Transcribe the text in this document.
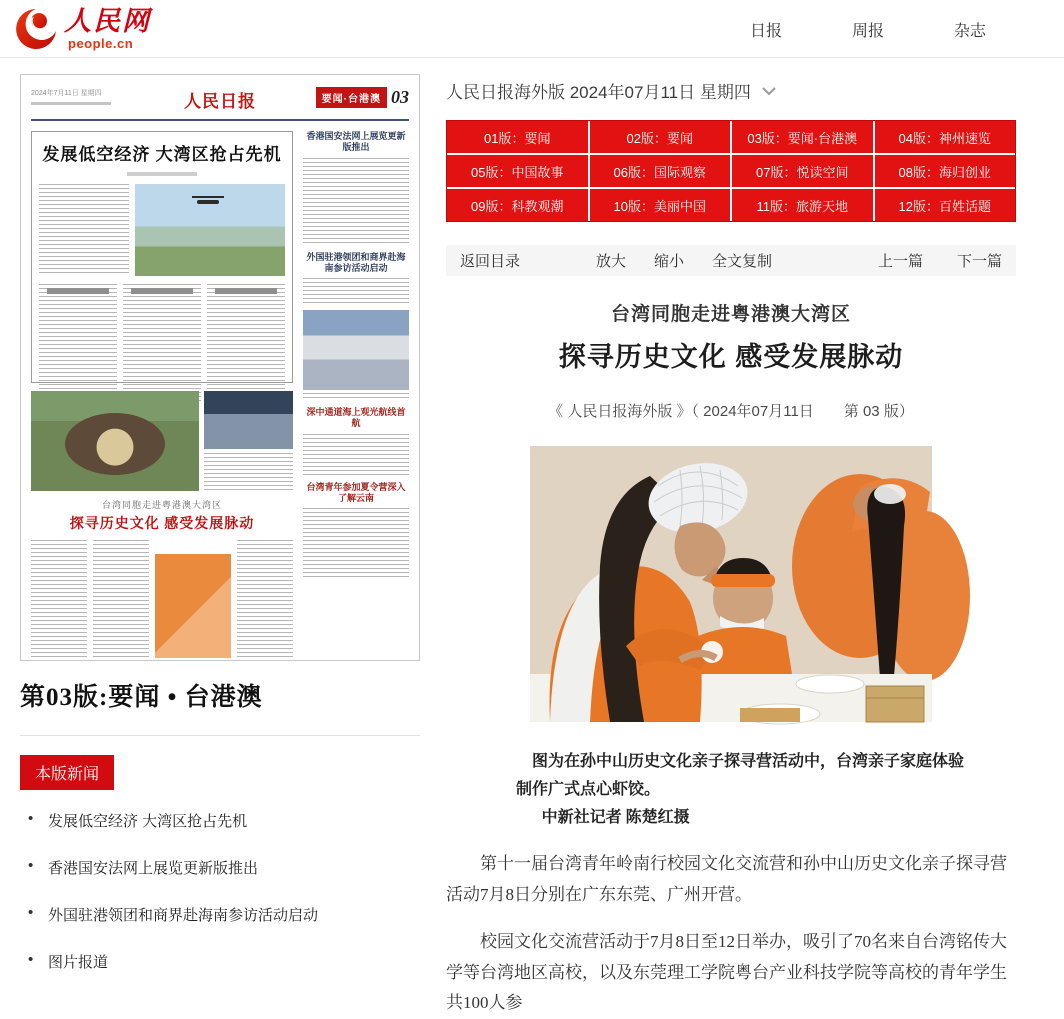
人民网
people.cn
日报	周报	杂志
2024年7月11日 星期四	人民日报	要闻·台港澳 03
发展低空经济 大湾区抢占先机
香港国安法网上展览更新版推出
外国驻港领团和商界赴海南参访活动启动
深中通道海上观光航线首航
台湾青年参加夏令营深入了解云南
台湾同胞走进粤港澳大湾区
探寻历史文化 感受发展脉动
第03版:要闻 • 台港澳
本版新闻
• 发展低空经济 大湾区抢占先机
• 香港国安法网上展览更新版推出
• 外国驻港领团和商界赴海南参访活动启动
• 图片报道
人民日报海外版 2024年07月11日 星期四
01版：要闻	02版：要闻	03版：要闻·台港澳	04版：神州速览
05版：中国故事	06版：国际观察	07版：悦读空间	08版：海归创业
09版：科教观潮	10版：美丽中国	11版：旅游天地	12版：百姓话题
返回目录	放大 缩小 全文复制	上一篇 下一篇
台湾同胞走进粤港澳大湾区
探寻历史文化 感受发展脉动
《 人民日报海外版 》（ 2024年07月11日　　第 03 版）
图为在孙中山历史文化亲子探寻营活动中，台湾亲子家庭体验制作广式点心虾饺。
中新社记者 陈楚红摄

第十一届台湾青年岭南行校园文化交流营和孙中山历史文化亲子探寻营活动7月8日分别在广东东莞、广州开营。

校园文化交流营活动于7月8日至12日举办，吸引了70名来自台湾铭传大学等台湾地区高校，以及东莞理工学院粤台产业科技学院等高校的青年学生共100人参
